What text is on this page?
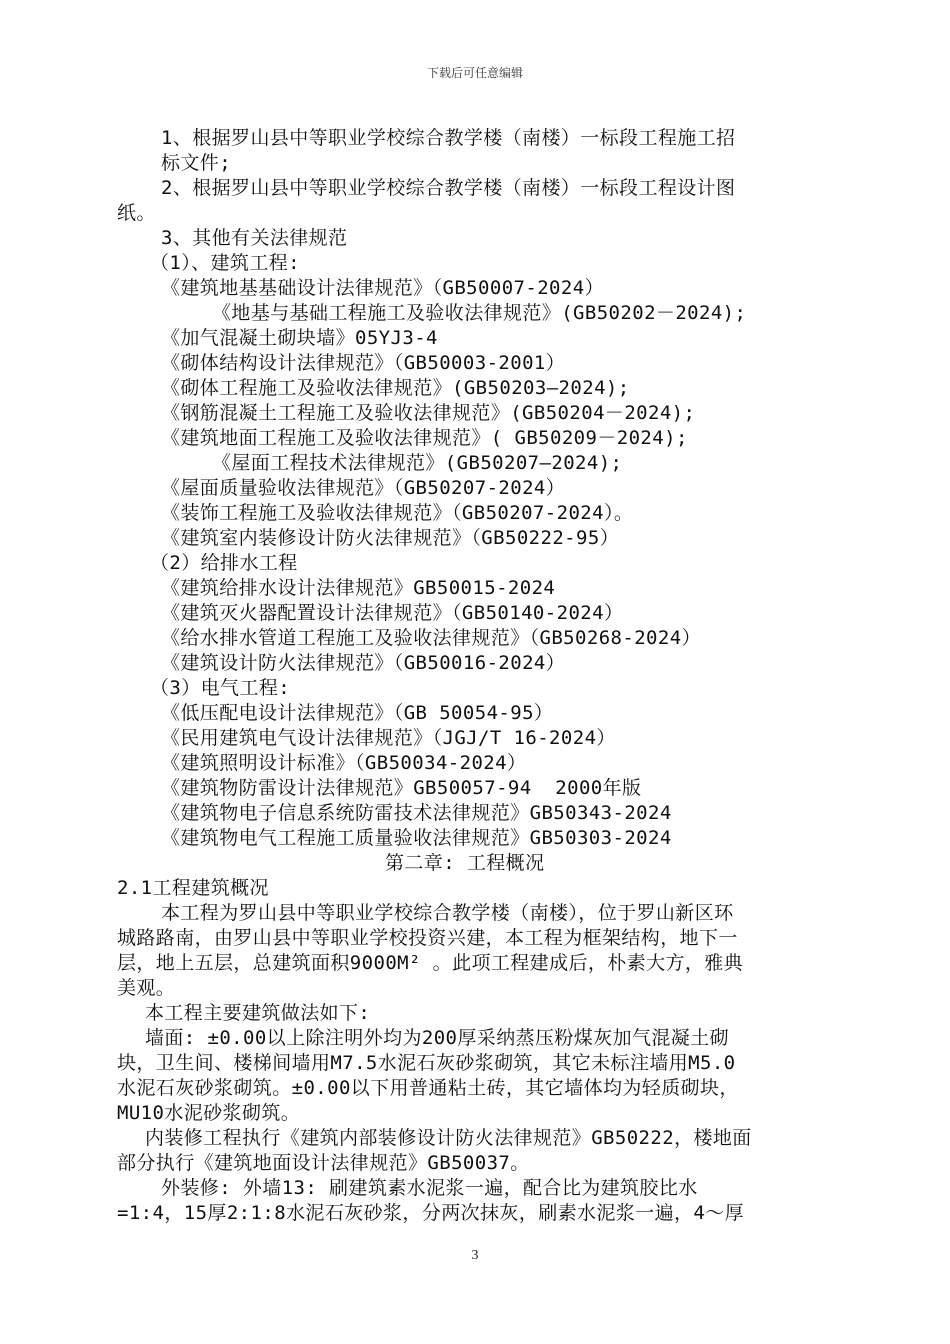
下载后可任意编辑
1、根据罗山县中等职业学校综合教学楼（南楼）一标段工程施工招
标文件;
2、根据罗山县中等职业学校综合教学楼（南楼）一标段工程设计图
纸。
3、其他有关法律规范
（1）、建筑工程:
《建筑地基基础设计法律规范》（GB50007-2024）
《地基与基础工程施工及验收法律规范》(GB50202－2024);
《加气混凝土砌块墙》05YJ3-4
《砌体结构设计法律规范》（GB50003-2001）
《砌体工程施工及验收法律规范》(GB50203—2024);
《钢筋混凝土工程施工及验收法律规范》(GB50204－2024);
《建筑地面工程施工及验收法律规范》( GB50209－2024);
《屋面工程技术法律规范》(GB50207—2024);
《屋面质量验收法律规范》（GB50207-2024）
《装饰工程施工及验收法律规范》（GB50207-2024）。
《建筑室内装修设计防火法律规范》（GB50222-95）
（2）给排水工程
《建筑给排水设计法律规范》GB50015-2024
《建筑灭火器配置设计法律规范》（GB50140-2024）
《给水排水管道工程施工及验收法律规范》（GB50268-2024）
《建筑设计防火法律规范》（GB50016-2024）
（3）电气工程:
《低压配电设计法律规范》（GB 50054-95）
《民用建筑电气设计法律规范》（JGJ/T 16-2024）
《建筑照明设计标准》（GB50034-2024）
《建筑物防雷设计法律规范》GB50057-94  2000年版
《建筑物电子信息系统防雷技术法律规范》GB50343-2024
《建筑物电气工程施工质量验收法律规范》GB50303-2024
第二章: 工程概况
2.1工程建筑概况
本工程为罗山县中等职业学校综合教学楼（南楼），位于罗山新区环
城路路南，由罗山县中等职业学校投资兴建，本工程为框架结构，地下一
层，地上五层，总建筑面积9000M² 。此项工程建成后，朴素大方，雅典
美观。
本工程主要建筑做法如下:
墙面: ±0.00以上除注明外均为200厚采纳蒸压粉煤灰加气混凝土砌
块，卫生间、楼梯间墙用M7.5水泥石灰砂浆砌筑，其它未标注墙用M5.0
水泥石灰砂浆砌筑。±0.00以下用普通粘土砖，其它墙体均为轻质砌块，
MU10水泥砂浆砌筑。
内装修工程执行《建筑内部装修设计防火法律规范》GB50222，楼地面
部分执行《建筑地面设计法律规范》GB50037。
外装修: 外墙13: 刷建筑素水泥浆一遍，配合比为建筑胶比水
=1:4，15厚2:1:8水泥石灰砂浆，分两次抹灰，刷素水泥浆一遍，4～厚
3
